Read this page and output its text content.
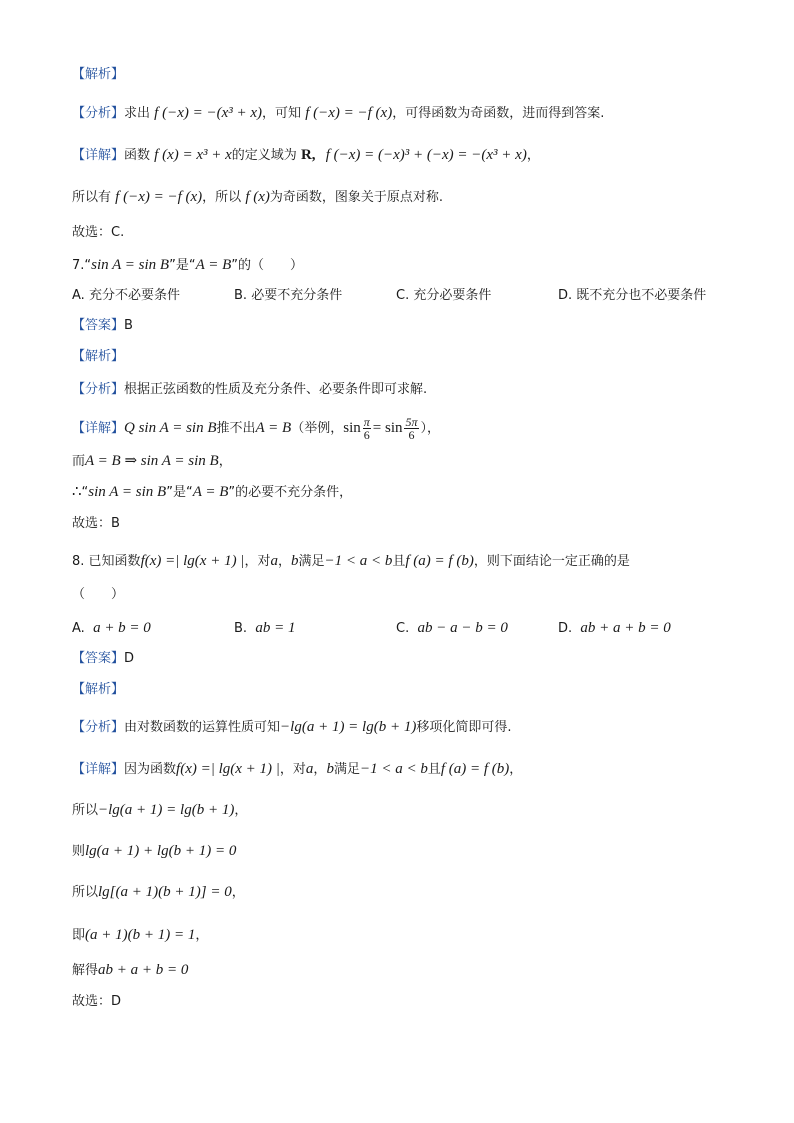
【解析】
【分析】求出 f (−x) = −(x³ + x)，可知 f (−x) = −f (x)，可得函数为奇函数，进而得到答案.
【详解】函数 f (x) = x³ + x的定义域为 R, f (−x) = (−x)³ + (−x) = −(x³ + x)，
所以有 f (−x) = −f (x)，所以 f (x)为奇函数，图象关于原点对称.
故选：C.
7.“sin A = sin B”是“A = B”的（　　）
A. 充分不必要条件	B. 必要不充分条件	C. 充分必要条件	D. 既不充分也不必要条件
【答案】B
【解析】
【分析】根据正弦函数的性质及充分条件、必要条件即可求解.
【详解】Q sin A = sin B推不出A = B（举例，$\sin \frac{\pi}{6} = \sin \frac{5\pi}{6}$ ），
而A = B ⇒ sin A = sin B，
∴“sin A = sin B”是“A = B”的必要不充分条件，
故选：B
8. 已知函数f(x) =| lg(x + 1) |，对a，b满足−1 < a < b且f (a) = f (b)，则下面结论一定正确的是
（　　）
A. a + b = 0	B. ab = 1	C. ab − a − b = 0	D. ab + a + b = 0
【答案】D
【解析】
【分析】由对数函数的运算性质可知−lg(a + 1) = lg(b + 1)移项化简即可得.
【详解】因为函数f(x) =| lg(x + 1) |，对a，b满足−1 < a < b且f (a) = f (b)，
所以−lg(a + 1) = lg(b + 1)，
则lg(a + 1) + lg(b + 1) = 0
所以lg[(a + 1)(b + 1)] = 0，
即(a + 1)(b + 1) = 1，
解得ab + a + b = 0
故选：D
